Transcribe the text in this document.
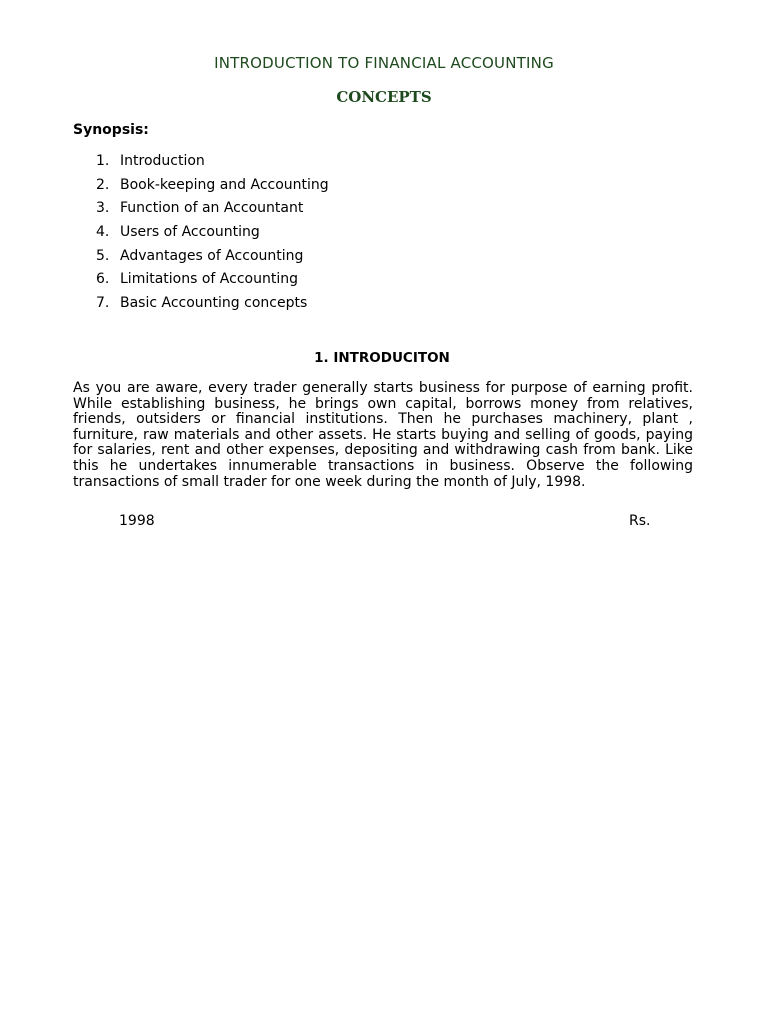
INTRODUCTION TO FINANCIAL ACCOUNTING
CONCEPTS
Synopsis:
1. Introduction
2. Book-keeping and Accounting
3. Function of an Accountant
4. Users of Accounting
5. Advantages of Accounting
6. Limitations of Accounting
7. Basic Accounting concepts
1. INTRODUCITON

As you are aware, every trader generally starts business for purpose of earning profit. While establishing business, he brings own capital, borrows money from relatives, friends, outsiders or financial institutions. Then he purchases machinery, plant , furniture, raw materials and other assets. He starts buying and selling of goods, paying for salaries, rent and other expenses, depositing and withdrawing cash from bank. Like this he undertakes innumerable transactions in business. Observe the following transactions of small trader for one week during the month of July, 1998.

1998	Rs.
